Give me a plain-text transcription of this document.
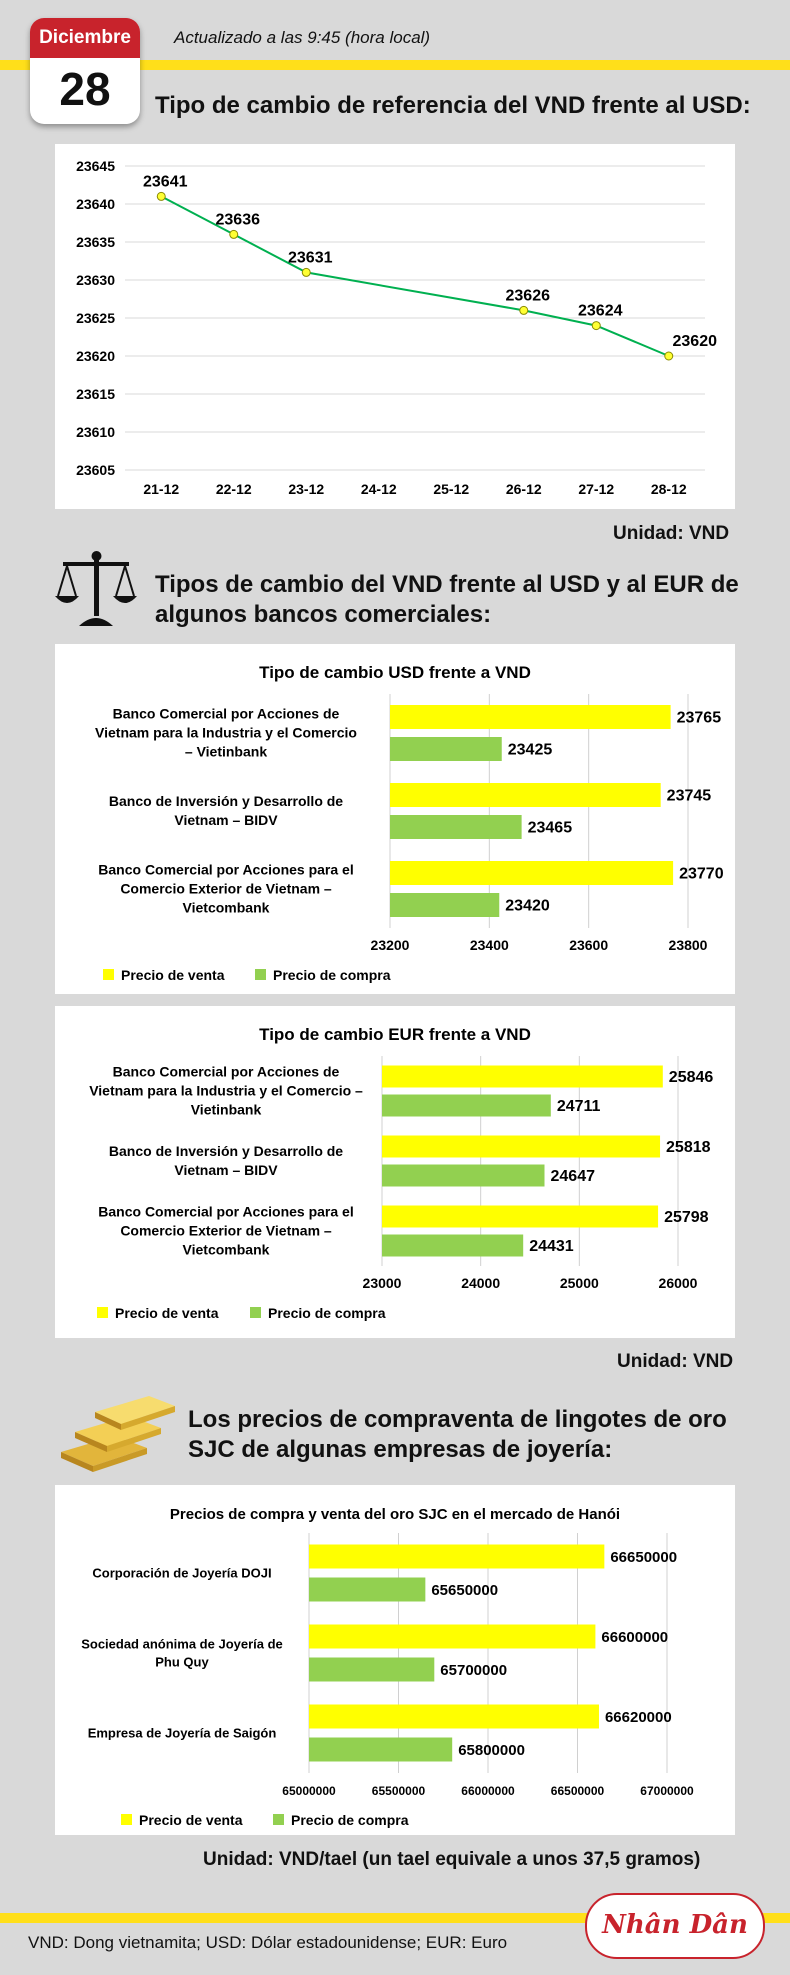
Diciembre
28
Actualizado a las 9:45 (hora local)
Tipo de cambio de referencia del VND frente al USD:
23645
23640
23635
23630
23625
23620
23615
23610
23605
21-12	22-12	23-12	24-12	25-12	26-12	27-12	28-12
23641
23636
23631
23626
23624
23620
Unidad: VND
Tipos de cambio del VND frente al USD y al EUR de
algunos bancos comerciales:
Tipo de cambio USD frente a VND
23200	23400	23600	23800
Banco Comercial por Acciones de
Vietnam para la Industria y el Comercio
– Vietinbank
23765
23425
Banco de Inversión y Desarrollo de
Vietnam – BIDV
23745
23465
Banco Comercial por Acciones para el
Comercio Exterior de Vietnam –
Vietcombank
23770
23420
Precio de venta	Precio de compra
Tipo de cambio EUR frente a VND
23000	24000	25000	26000
Banco Comercial por Acciones de
Vietnam para la Industria y el Comercio –
Vietinbank
25846
24711
Banco de Inversión y Desarrollo de
Vietnam – BIDV
25818
24647
Banco Comercial por Acciones para el
Comercio Exterior de Vietnam –
Vietcombank
25798
24431
Precio de venta	Precio de compra
Unidad: VND
Los precios de compraventa de lingotes de oro
SJC de algunas empresas de joyería:
Precios de compra y venta del oro SJC en el mercado de Hanói
65000000	65500000	66000000	66500000	67000000
Corporación de Joyería DOJI
66650000
65650000
Sociedad anónima de Joyería de
Phu Quy
66600000
65700000
Empresa de Joyería de Saigón
66620000
65800000
Precio de venta	Precio de compra
Unidad: VND/tael (un tael equivale a unos 37,5 gramos)
VND: Dong vietnamita; USD: Dólar estadounidense; EUR: Euro
Nhân Dân
